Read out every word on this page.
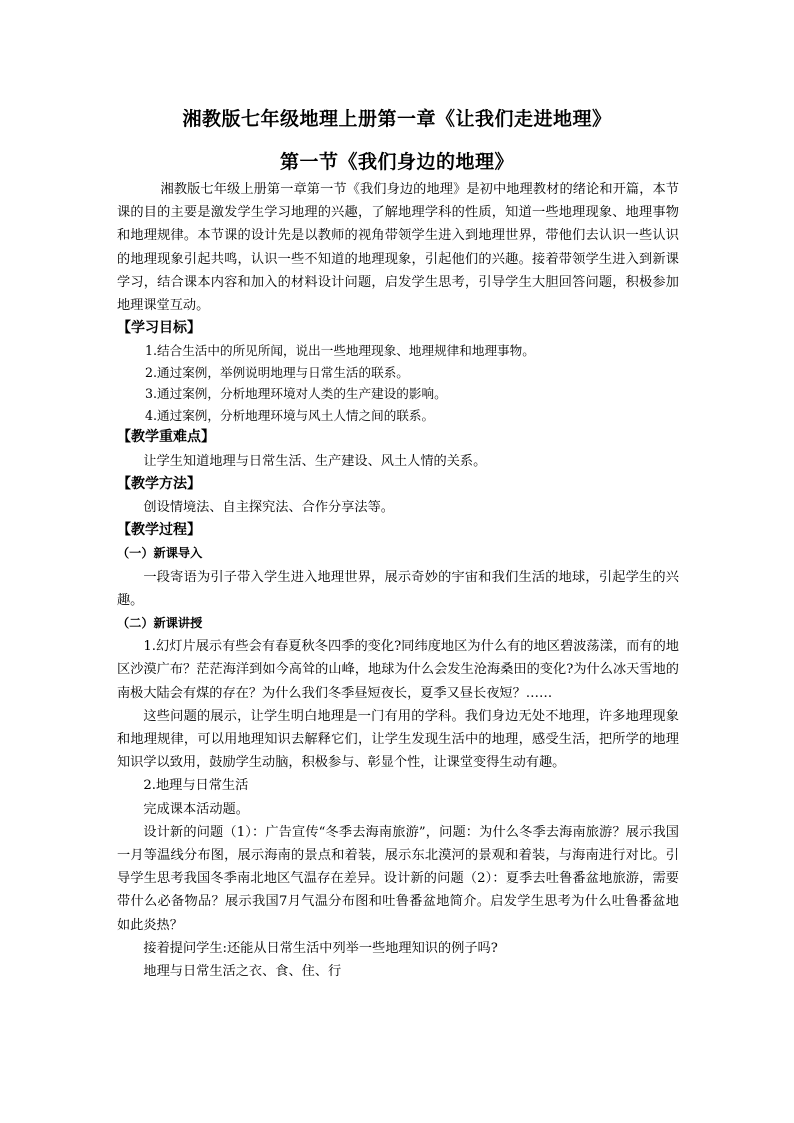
湘教版七年级地理上册第一章《让我们走进地理》
第一节《我们身边的地理》

湘教版七年级上册第一章第一节《我们身边的地理》是初中地理教材的绪论和开篇，本节课的目的主要是激发学生学习地理的兴趣，了解地理学科的性质，知道一些地理现象、地理事物和地理规律。本节课的设计先是以教师的视角带领学生进入到地理世界，带他们去认识一些认识的地理现象引起共鸣，认识一些不知道的地理现象，引起他们的兴趣。接着带领学生进入到新课学习，结合课本内容和加入的材料设计问题，启发学生思考，引导学生大胆回答问题，积极参加地理课堂互动。

【学习目标】

1.结合生活中的所见所闻，说出一些地理现象、地理规律和地理事物。

2.通过案例，举例说明地理与日常生活的联系。

3.通过案例，分析地理环境对人类的生产建设的影响。

4.通过案例，分析地理环境与风土人情之间的联系。

【教学重难点】

让学生知道地理与日常生活、生产建设、风土人情的关系。

【教学方法】

创设情境法、自主探究法、合作分享法等。

【教学过程】

（一）新课导入

一段寄语为引子带入学生进入地理世界，展示奇妙的宇宙和我们生活的地球，引起学生的兴趣。

（二）新课讲授

1.幻灯片展示有些会有春夏秋冬四季的变化?同纬度地区为什么有的地区碧波荡漾，而有的地区沙漠广布？茫茫海洋到如今高耸的山峰，地球为什么会发生沧海桑田的变化?为什么冰天雪地的南极大陆会有煤的存在？为什么我们冬季昼短夜长，夏季又昼长夜短？……

这些问题的展示，让学生明白地理是一门有用的学科。我们身边无处不地理，许多地理现象和地理规律，可以用地理知识去解释它们，让学生发现生活中的地理，感受生活，把所学的地理知识学以致用，鼓励学生动脑，积极参与、彰显个性，让课堂变得生动有趣。

2.地理与日常生活

完成课本活动题。

设计新的问题（1）：广告宣传“冬季去海南旅游”，问题：为什么冬季去海南旅游？展示我国一月等温线分布图，展示海南的景点和着装，展示东北漠河的景观和着装，与海南进行对比。引导学生思考我国冬季南北地区气温存在差异。设计新的问题（2）：夏季去吐鲁番盆地旅游，需要带什么必备物品？展示我国7月气温分布图和吐鲁番盆地简介。启发学生思考为什么吐鲁番盆地如此炎热？

接着提问学生:还能从日常生活中列举一些地理知识的例子吗?

地理与日常生活之衣、食、住、行
